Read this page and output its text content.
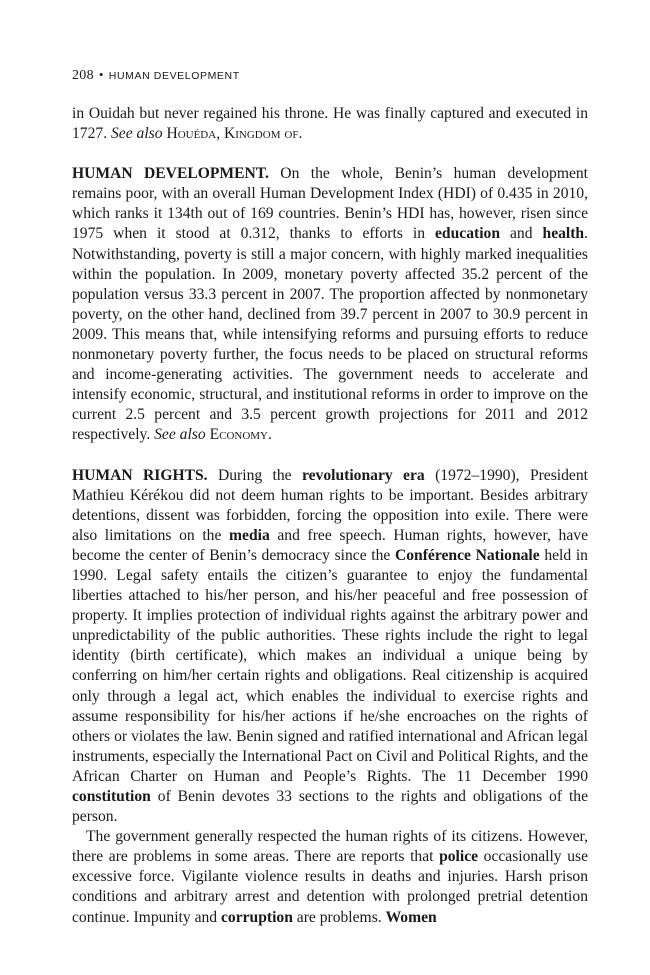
208 • HUMAN DEVELOPMENT

in Ouidah but never regained his throne. He was finally captured and executed in 1727. See also Houéda, Kingdom of.

HUMAN DEVELOPMENT. On the whole, Benin’s human development remains poor, with an overall Human Development Index (HDI) of 0.435 in 2010, which ranks it 134th out of 169 countries. Benin’s HDI has, however, risen since 1975 when it stood at 0.312, thanks to efforts in education and health. Notwithstanding, poverty is still a major concern, with highly marked inequalities within the population. In 2009, monetary poverty affected 35.2 percent of the population versus 33.3 percent in 2007. The proportion affected by nonmonetary poverty, on the other hand, declined from 39.7 percent in 2007 to 30.9 percent in 2009. This means that, while intensifying reforms and pursuing efforts to reduce nonmonetary poverty further, the focus needs to be placed on structural reforms and income-generating activities. The government needs to accelerate and intensify economic, structural, and institutional reforms in order to improve on the current 2.5 percent and 3.5 percent growth projections for 2011 and 2012 respectively. See also Economy.

HUMAN RIGHTS. During the revolutionary era (1972–1990), President Mathieu Kérékou did not deem human rights to be important. Besides arbitrary detentions, dissent was forbidden, forcing the opposition into exile. There were also limitations on the media and free speech. Human rights, however, have become the center of Benin’s democracy since the Conférence Nationale held in 1990. Legal safety entails the citizen’s guarantee to enjoy the fundamental liberties attached to his/her person, and his/her peaceful and free possession of property. It implies protection of individual rights against the arbitrary power and unpredictability of the public authorities. These rights include the right to legal identity (birth certificate), which makes an individual a unique being by conferring on him/her certain rights and obligations. Real citizenship is acquired only through a legal act, which enables the individual to exercise rights and assume responsibility for his/her actions if he/she encroaches on the rights of others or violates the law. Benin signed and ratified international and African legal instruments, especially the International Pact on Civil and Political Rights, and the African Charter on Human and People’s Rights. The 11 December 1990 constitution of Benin devotes 33 sections to the rights and obligations of the person.

The government generally respected the human rights of its citizens. However, there are problems in some areas. There are reports that police occasionally use excessive force. Vigilante violence results in deaths and injuries. Harsh prison conditions and arbitrary arrest and detention with prolonged pretrial detention continue. Impunity and corruption are problems. Women
